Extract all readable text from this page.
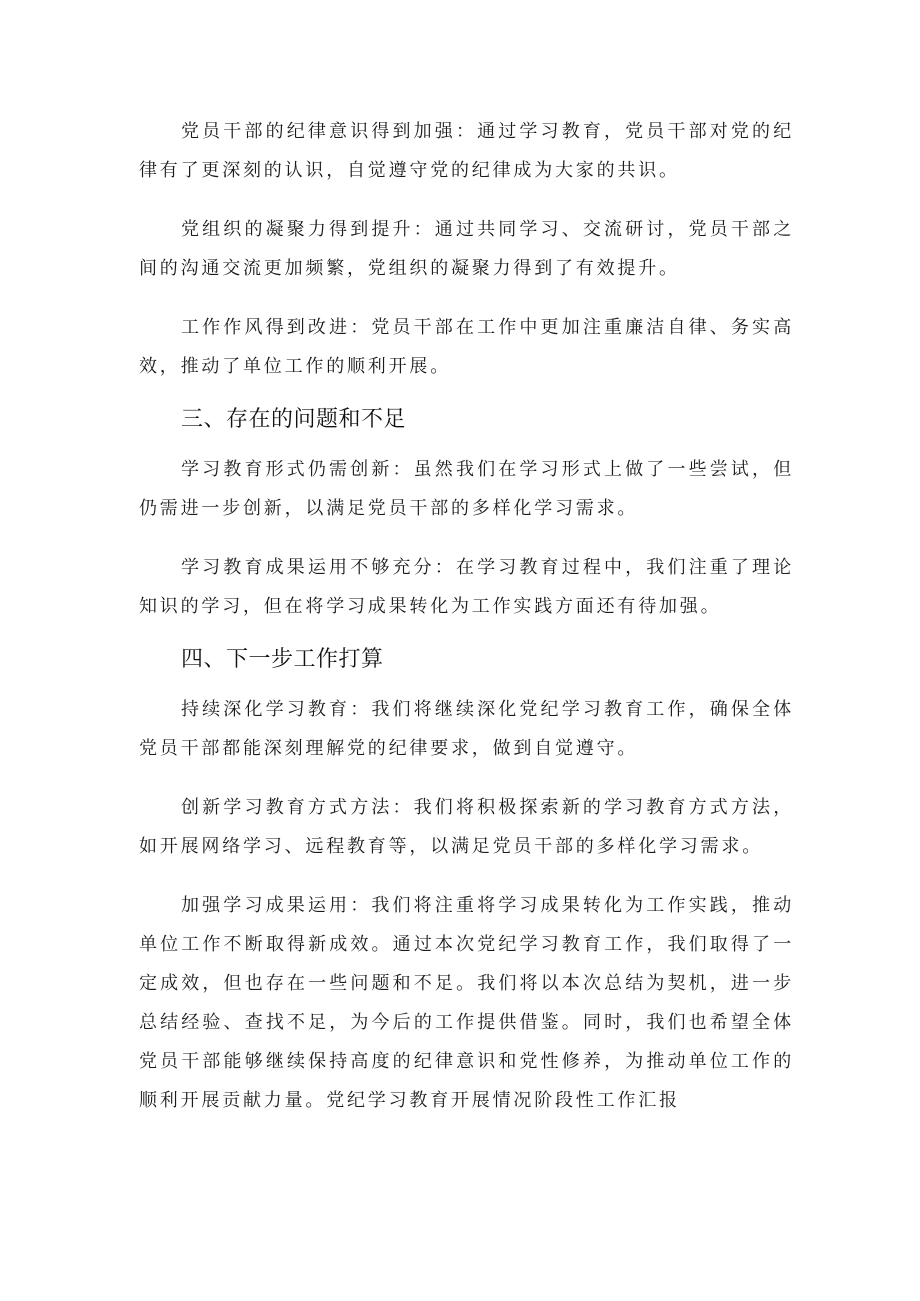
党员干部的纪律意识得到加强：通过学习教育，党员干部对党的纪律有了更深刻的认识，自觉遵守党的纪律成为大家的共识。

党组织的凝聚力得到提升：通过共同学习、交流研讨，党员干部之间的沟通交流更加频繁，党组织的凝聚力得到了有效提升。

工作作风得到改进：党员干部在工作中更加注重廉洁自律、务实高效，推动了单位工作的顺利开展。

三、存在的问题和不足

学习教育形式仍需创新：虽然我们在学习形式上做了一些尝试，但仍需进一步创新，以满足党员干部的多样化学习需求。

学习教育成果运用不够充分：在学习教育过程中，我们注重了理论知识的学习，但在将学习成果转化为工作实践方面还有待加强。

四、下一步工作打算

持续深化学习教育：我们将继续深化党纪学习教育工作，确保全体党员干部都能深刻理解党的纪律要求，做到自觉遵守。

创新学习教育方式方法：我们将积极探索新的学习教育方式方法，如开展网络学习、远程教育等，以满足党员干部的多样化学习需求。

加强学习成果运用：我们将注重将学习成果转化为工作实践，推动单位工作不断取得新成效。通过本次党纪学习教育工作，我们取得了一定成效，但也存在一些问题和不足。我们将以本次总结为契机，进一步总结经验、查找不足，为今后的工作提供借鉴。同时，我们也希望全体党员干部能够继续保持高度的纪律意识和党性修养，为推动单位工作的顺利开展贡献力量。党纪学习教育开展情况阶段性工作汇报
